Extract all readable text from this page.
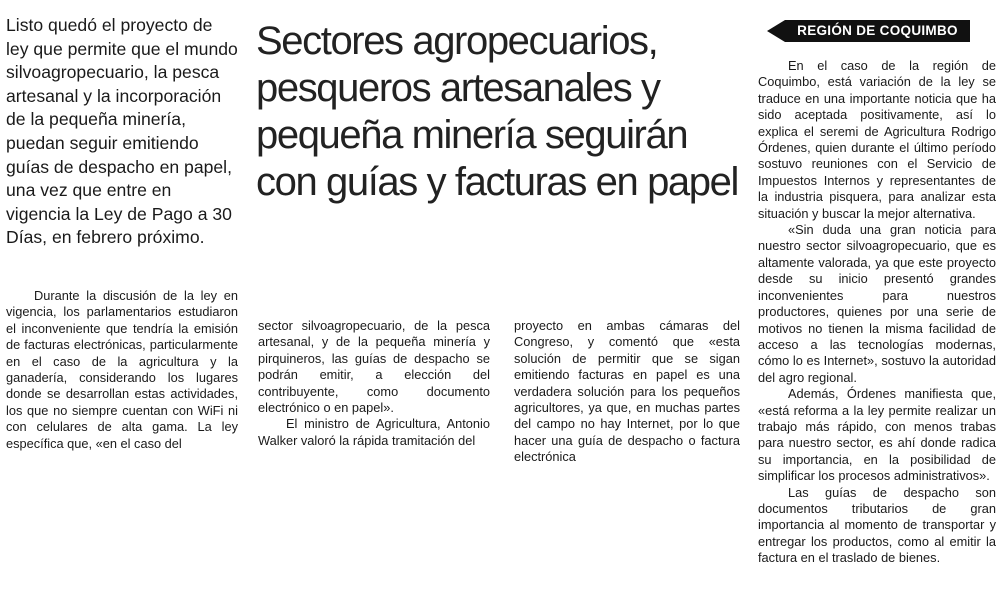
Listo quedó el proyecto de ley que permite que el mundo silvoagropecuario, la pesca artesanal y la incorporación de la pequeña minería, puedan seguir emitiendo guías de despacho en papel, una vez que entre en vigencia la Ley de Pago a 30 Días, en febrero próximo.
Sectores agropecuarios, pesqueros artesanales y pequeña minería seguirán con guías y facturas en papel

Durante la discusión de la ley en vigencia, los parlamentarios estudiaron el inconveniente que tendría la emisión de facturas electrónicas, particularmente en el caso de la agricultura y la ganadería, considerando los lugares donde se desarrollan estas actividades, los que no siempre cuentan con WiFi ni con celulares de alta gama. La ley específica que, «en el caso del

sector silvoagropecuario, de la pesca artesanal, y de la pequeña minería y pirquineros, las guías de despacho se podrán emitir, a elección del contribuyente, como documento electrónico o en papel».

El ministro de Agricultura, Antonio Walker valoró la rápida tramitación del

proyecto en ambas cámaras del Congreso, y comentó que «esta solución de permitir que se sigan emitiendo facturas en papel es una verdadera solución para los pequeños agricultores, ya que, en muchas partes del campo no hay Internet, por lo que hacer una guía de despacho o factura electrónica

REGIÓN DE COQUIMBO

En el caso de la región de Coquimbo, está variación de la ley se traduce en una importante noticia que ha sido aceptada positivamente, así lo explica el seremi de Agricultura Rodrigo Órdenes, quien durante el último período sostuvo reuniones con el Servicio de Impuestos Internos y representantes de la industria pisquera, para analizar esta situación y buscar la mejor alternativa.

«Sin duda una gran noticia para nuestro sector silvoagropecuario, que es altamente valorada, ya que este proyecto desde su inicio presentó grandes inconvenientes para nuestros productores, quienes por una serie de motivos no tienen la misma facilidad de acceso a las tecnologías modernas, cómo lo es Internet», sostuvo la autoridad del agro regional.

Además, Órdenes manifiesta que, «está reforma a la ley permite realizar un trabajo más rápido, con menos trabas para nuestro sector, es ahí donde radica su importancia, en la posibilidad de simplificar los procesos administrativos».

Las guías de despacho son documentos tributarios de gran importancia al momento de transportar y entregar los productos, como al emitir la factura en el traslado de bienes.
